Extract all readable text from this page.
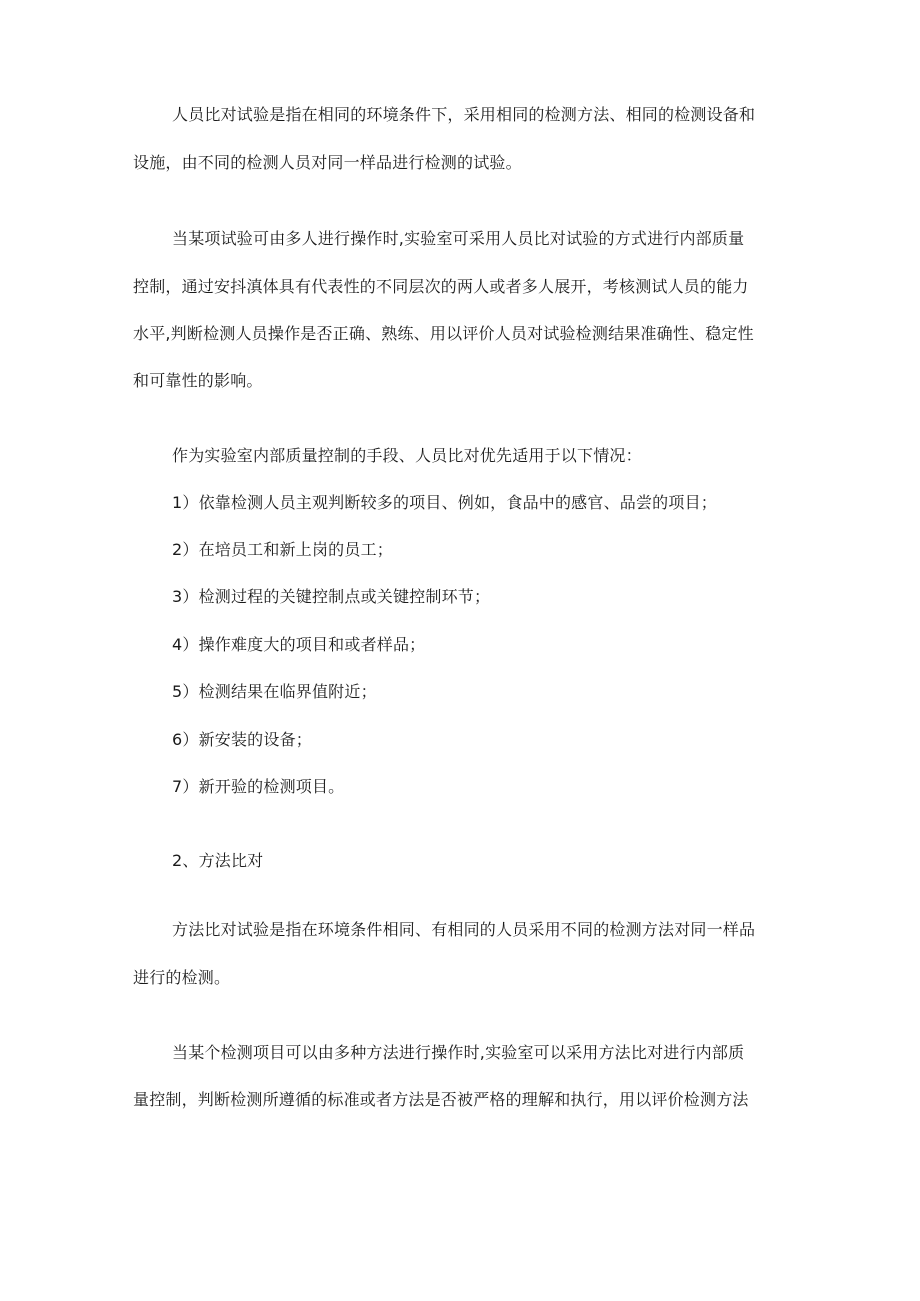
人员比对试验是指在相同的环境条件下，采用相同的检测方法、相同的检测设备和
设施，由不同的检测人员对同一样品进行检测的试验。
当某项试验可由多人进行操作时,实验室可采用人员比对试验的方式进行内部质量
控制，通过安抖滇体具有代表性的不同层次的两人或者多人展开，考核测试人员的能力
水平,判断检测人员操作是否正确、熟练、用以评价人员对试验检测结果准确性、稳定性
和可靠性的影响。
作为实验室内部质量控制的手段、人员比对优先适用于以下情况：
1）依靠检测人员主观判断较多的项目、例如，食品中的感官、品尝的项目；
2）在培员工和新上岗的员工；
3）检测过程的关键控制点或关键控制环节；
4）操作难度大的项目和或者样品；
5）检测结果在临界值附近；
6）新安装的设备；
7）新开验的检测项目。
2、方法比对
方法比对试验是指在环境条件相同、有相同的人员采用不同的检测方法对同一样品
进行的检测。
当某个检测项目可以由多种方法进行操作时,实验室可以采用方法比对进行内部质
量控制，判断检测所遵循的标准或者方法是否被严格的理解和执行，用以评价检测方法
